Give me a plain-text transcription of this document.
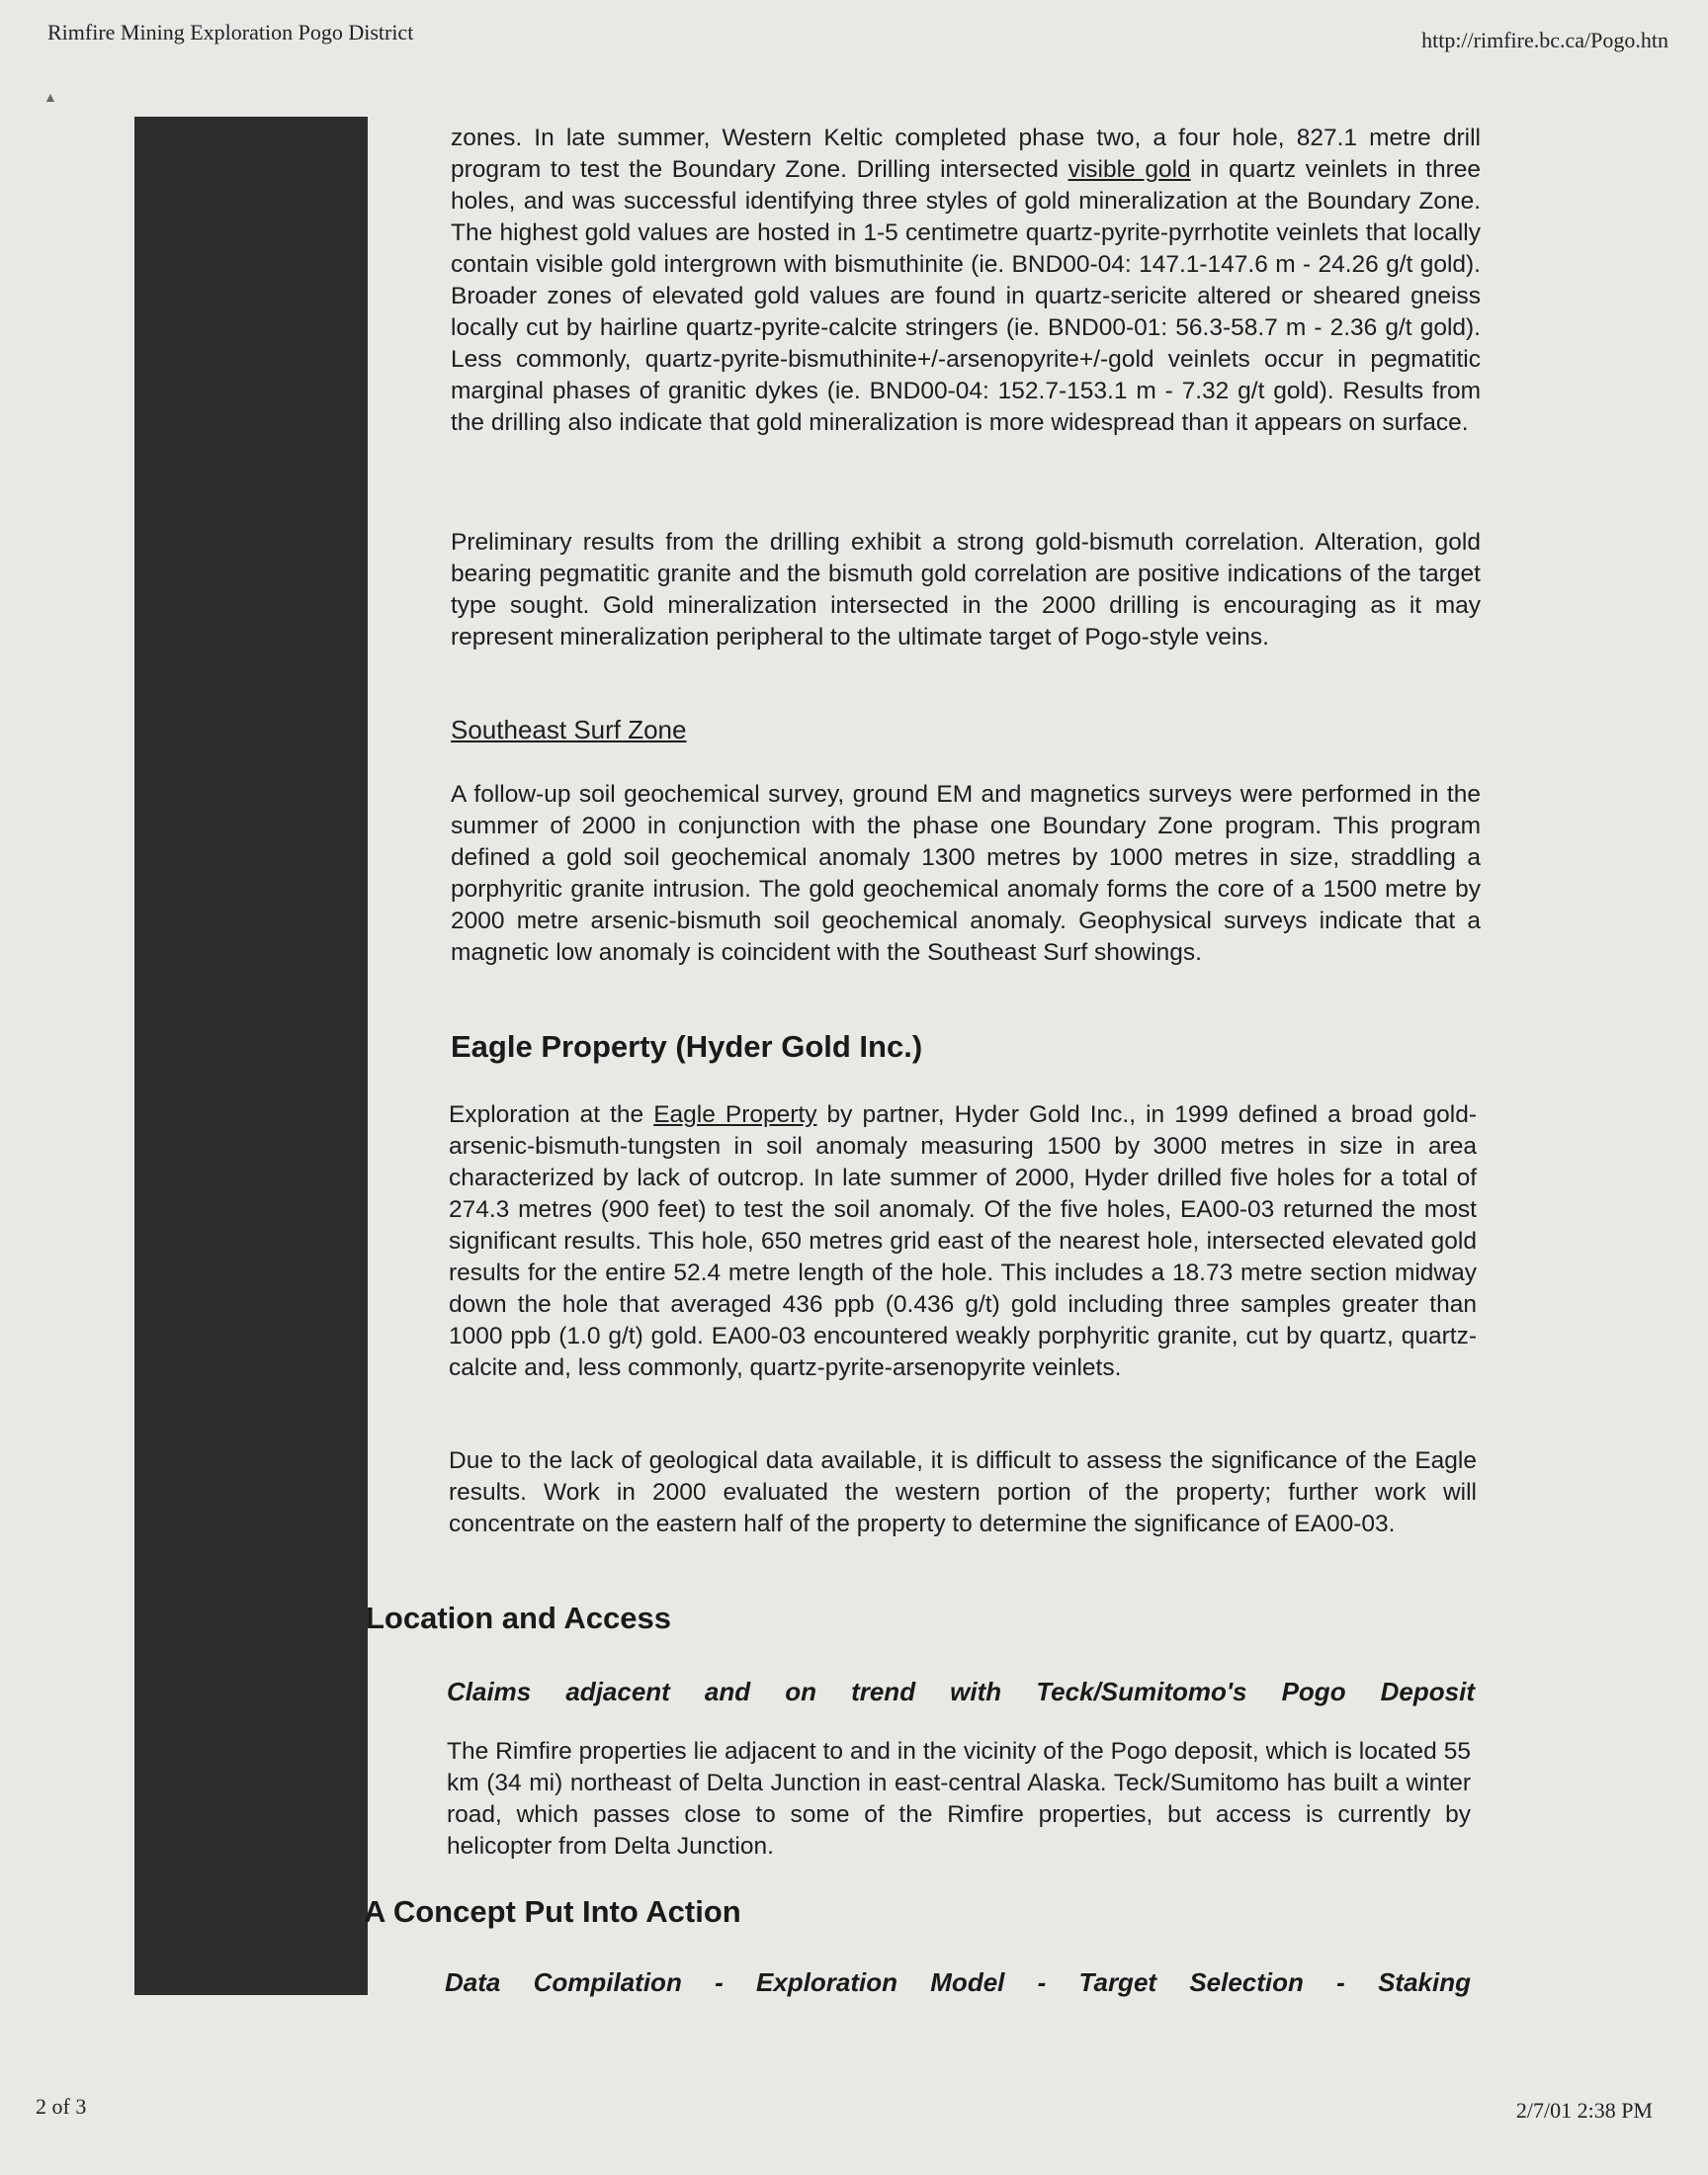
Rimfire Mining Exploration Pogo District	http://rimfire.bc.ca/Pogo.htn
▲

zones. In late summer, Western Keltic completed phase two, a four hole, 827.1 metre drill program to test the Boundary Zone. Drilling intersected visible gold in quartz veinlets in three holes, and was successful identifying three styles of gold mineralization at the Boundary Zone. The highest gold values are hosted in 1-5 centimetre quartz-pyrite-pyrrhotite veinlets that locally contain visible gold intergrown with bismuthinite (ie. BND00-04: 147.1-147.6 m - 24.26 g/t gold). Broader zones of elevated gold values are found in quartz-sericite altered or sheared gneiss locally cut by hairline quartz-pyrite-calcite stringers (ie. BND00-01: 56.3-58.7 m - 2.36 g/t gold). Less commonly, quartz-pyrite-bismuthinite+/-arsenopyrite+/-gold veinlets occur in pegmatitic marginal phases of granitic dykes (ie. BND00-04: 152.7-153.1 m - 7.32 g/t gold). Results from the drilling also indicate that gold mineralization is more widespread than it appears on surface.

Preliminary results from the drilling exhibit a strong gold-bismuth correlation. Alteration, gold bearing pegmatitic granite and the bismuth gold correlation are positive indications of the target type sought. Gold mineralization intersected in the 2000 drilling is encouraging as it may represent mineralization peripheral to the ultimate target of Pogo-style veins.

Southeast Surf Zone

A follow-up soil geochemical survey, ground EM and magnetics surveys were performed in the summer of 2000 in conjunction with the phase one Boundary Zone program. This program defined a gold soil geochemical anomaly 1300 metres by 1000 metres in size, straddling a porphyritic granite intrusion. The gold geochemical anomaly forms the core of a 1500 metre by 2000 metre arsenic-bismuth soil geochemical anomaly. Geophysical surveys indicate that a magnetic low anomaly is coincident with the Southeast Surf showings.

Eagle Property (Hyder Gold Inc.)

Exploration at the Eagle Property by partner, Hyder Gold Inc., in 1999 defined a broad gold-arsenic-bismuth-tungsten in soil anomaly measuring 1500 by 3000 metres in size in area characterized by lack of outcrop. In late summer of 2000, Hyder drilled five holes for a total of 274.3 metres (900 feet) to test the soil anomaly. Of the five holes, EA00-03 returned the most significant results. This hole, 650 metres grid east of the nearest hole, intersected elevated gold results for the entire 52.4 metre length of the hole. This includes a 18.73 metre section midway down the hole that averaged 436 ppb (0.436 g/t) gold including three samples greater than 1000 ppb (1.0 g/t) gold. EA00-03 encountered weakly porphyritic granite, cut by quartz, quartz-calcite and, less commonly, quartz-pyrite-arsenopyrite veinlets.

Due to the lack of geological data available, it is difficult to assess the significance of the Eagle results. Work in 2000 evaluated the western portion of the property; further work will concentrate on the eastern half of the property to determine the significance of EA00-03.

Location and Access

Claims adjacent and on trend with Teck/Sumitomo's Pogo Deposit

The Rimfire properties lie adjacent to and in the vicinity of the Pogo deposit, which is located 55 km (34 mi) northeast of Delta Junction in east-central Alaska. Teck/Sumitomo has built a winter road, which passes close to some of the Rimfire properties, but access is currently by helicopter from Delta Junction.

A Concept Put Into Action

Data Compilation - Exploration Model - Target Selection - Staking

2 of 3	2/7/01 2:38 PM
